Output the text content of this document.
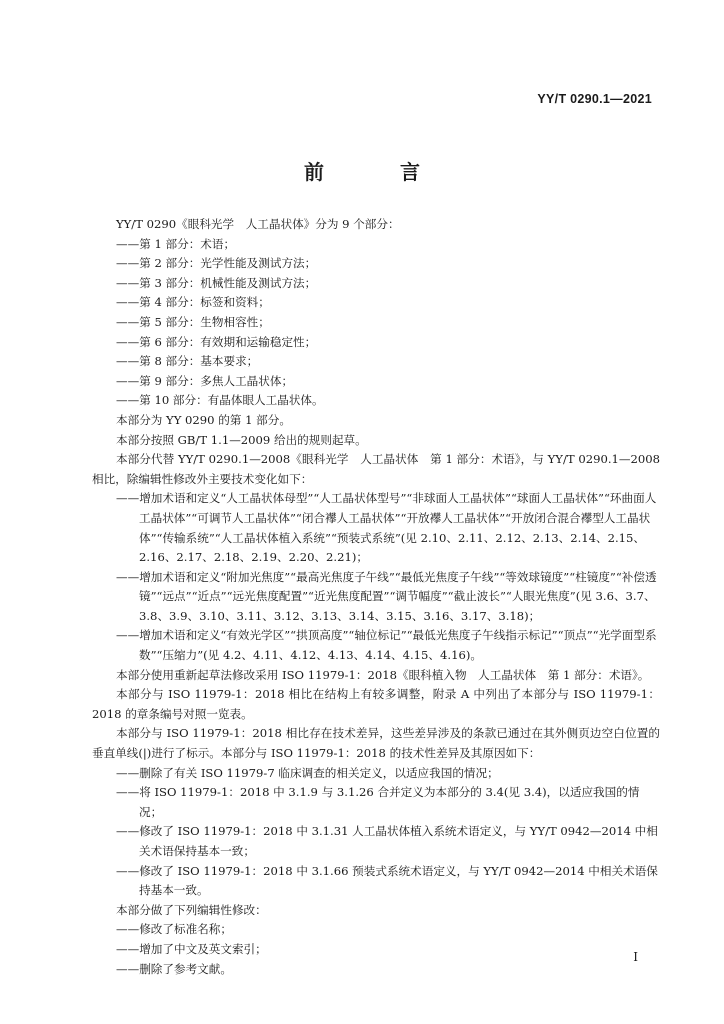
YY/T 0290.1—2021
前　言

YY/T 0290《眼科光学　人工晶状体》分为 9 个部分：

——第 1 部分：术语；

——第 2 部分：光学性能及测试方法；

——第 3 部分：机械性能及测试方法；

——第 4 部分：标签和资料；

——第 5 部分：生物相容性；

——第 6 部分：有效期和运输稳定性；

——第 8 部分：基本要求；

——第 9 部分：多焦人工晶状体；

——第 10 部分：有晶体眼人工晶状体。

本部分为 YY 0290 的第 1 部分。

本部分按照 GB/T 1.1—2009 给出的规则起草。

本部分代替 YY/T 0290.1—2008《眼科光学　人工晶状体　第 1 部分：术语》，与 YY/T 0290.1—2008 相比，除编辑性修改外主要技术变化如下：

——增加术语和定义“人工晶状体母型”“人工晶状体型号”“非球面人工晶状体”“球面人工晶状体”“环曲面人工晶状体”“可调节人工晶状体”“闭合襻人工晶状体”“开放襻人工晶状体”“开放闭合混合襻型人工晶状体”“传输系统”“人工晶状体植入系统”“预装式系统”(见 2.10、2.11、2.12、2.13、2.14、2.15、2.16、2.17、2.18、2.19、2.20、2.21)；

——增加术语和定义“附加光焦度”“最高光焦度子午线”“最低光焦度子午线”“等效球镜度”“柱镜度”“补偿透镜”“远点”“近点”“远光焦度配置”“近光焦度配置”“调节幅度”“截止波长”“人眼光焦度”(见 3.6、3.7、3.8、3.9、3.10、3.11、3.12、3.13、3.14、3.15、3.16、3.17、3.18)；

——增加术语和定义“有效光学区”“拱顶高度”“轴位标记”“最低光焦度子午线指示标记”“顶点”“光学面型系数”“压缩力”(见 4.2、4.11、4.12、4.13、4.14、4.15、4.16)。

本部分使用重新起草法修改采用 ISO 11979-1：2018《眼科植入物　人工晶状体　第 1 部分：术语》。

本部分与 ISO 11979-1：2018 相比在结构上有较多调整，附录 A 中列出了本部分与 ISO 11979-1：2018 的章条编号对照一览表。

本部分与 ISO 11979-1：2018 相比存在技术差异，这些差异涉及的条款已通过在其外侧页边空白位置的垂直单线(|)进行了标示。本部分与 ISO 11979-1：2018 的技术性差异及其原因如下：

——删除了有关 ISO 11979-7 临床调查的相关定义，以适应我国的情况；

——将 ISO 11979-1：2018 中 3.1.9 与 3.1.26 合并定义为本部分的 3.4(见 3.4)，以适应我国的情况；

——修改了 ISO 11979-1：2018 中 3.1.31 人工晶状体植入系统术语定义，与 YY/T 0942—2014 中相关术语保持基本一致；

——修改了 ISO 11979-1：2018 中 3.1.66 预装式系统术语定义，与 YY/T 0942—2014 中相关术语保持基本一致。

本部分做了下列编辑性修改：

——修改了标准名称；

——增加了中文及英文索引；

——删除了参考文献。

I
